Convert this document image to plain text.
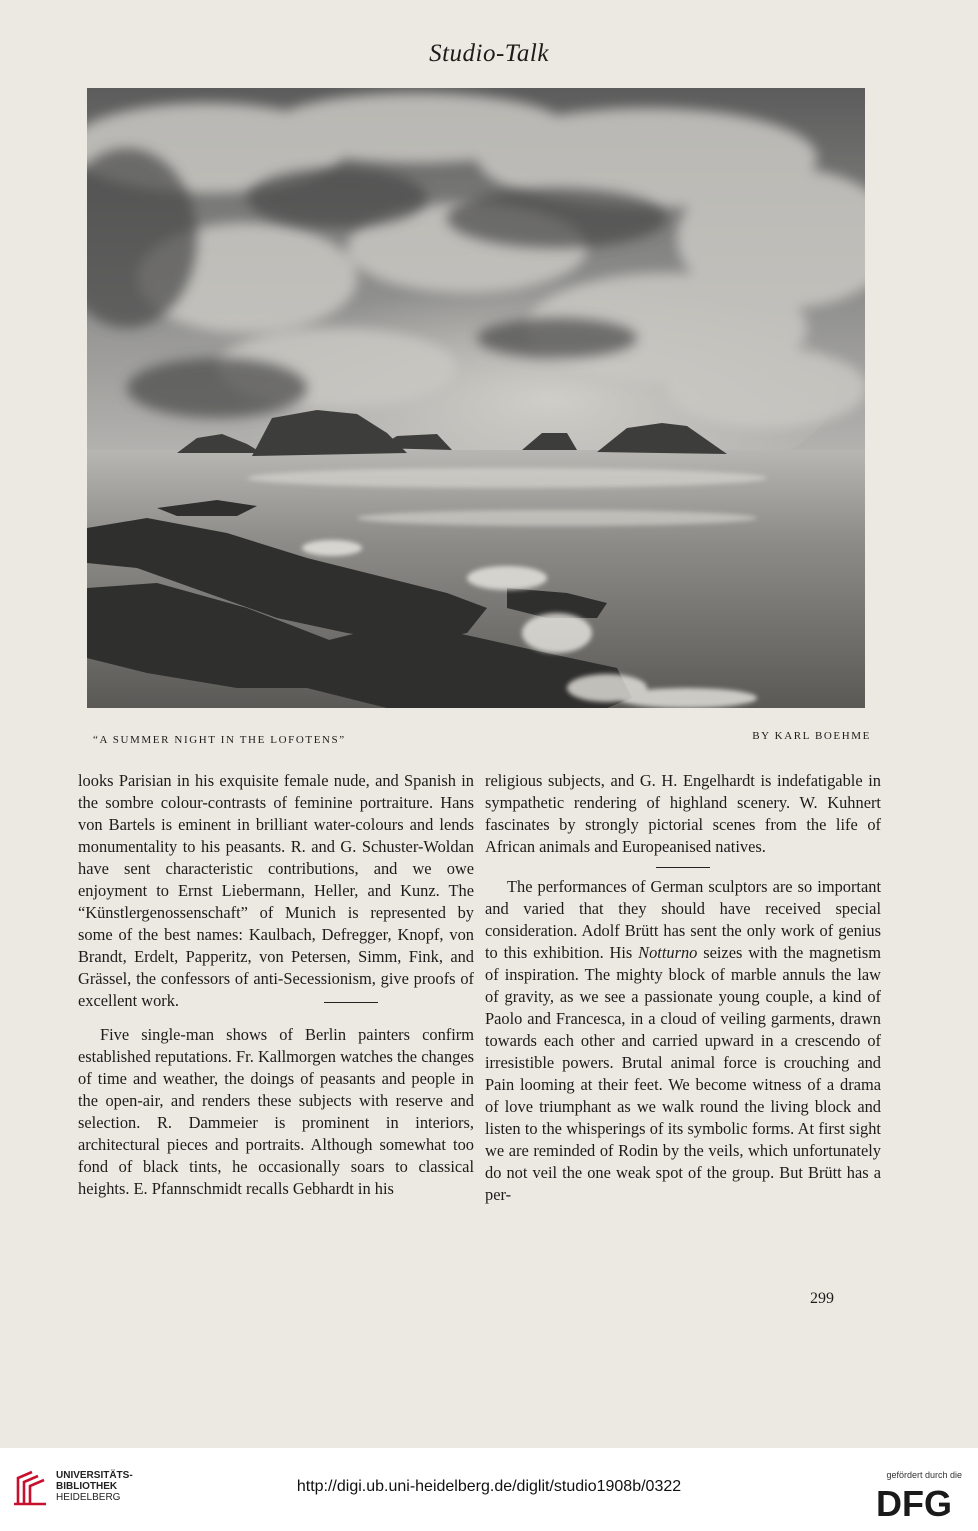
Studio-Talk
“A SUMMER NIGHT IN THE LOFOTENS”	BY KARL BOEHME

looks Parisian in his exquisite female nude, and Spanish in the sombre colour-contrasts of feminine portraiture. Hans von Bartels is eminent in brilliant water-colours and lends monumentality to his peasants. R. and G. Schuster-Woldan have sent characteristic contributions, and we owe enjoyment to Ernst Liebermann, Heller, and Kunz. The “Künstlergenossenschaft” of Munich is represented by some of the best names: Kaulbach, Defregger, Knopf, von Brandt, Erdelt, Papperitz, von Petersen, Simm, Fink, and Grässel, the confessors of anti-Secessionism, give proofs of excellent work.

Five single-man shows of Berlin painters confirm established reputations. Fr. Kallmorgen watches the changes of time and weather, the doings of peasants and people in the open-air, and renders these subjects with reserve and selection. R. Dammeier is prominent in interiors, architectural pieces and portraits. Although somewhat too fond of black tints, he occasionally soars to classical heights. E. Pfannschmidt recalls Gebhardt in his

religious subjects, and G. H. Engelhardt is indefatigable in sympathetic rendering of highland scenery. W. Kuhnert fascinates by strongly pictorial scenes from the life of African animals and Europeanised natives.

The performances of German sculptors are so important and varied that they should have received special consideration. Adolf Brütt has sent the only work of genius to this exhibition. His Notturno seizes with the magnetism of inspiration. The mighty block of marble annuls the law of gravity, as we see a passionate young couple, a kind of Paolo and Francesca, in a cloud of veiling garments, drawn towards each other and carried upward in a crescendo of irresistible powers. Brutal animal force is crouching and Pain looming at their feet. We become witness of a drama of love triumphant as we walk round the living block and listen to the whisperings of its symbolic forms. At first sight we are reminded of Rodin by the veils, which unfortunately do not veil the one weak spot of the group. But Brütt has a per-

299
UNIVERSITÄTS-
BIBLIOTHEK
HEIDELBERG
http://digi.ub.uni-heidelberg.de/diglit/studio1908b/0322
gefördert durch die
DFG
